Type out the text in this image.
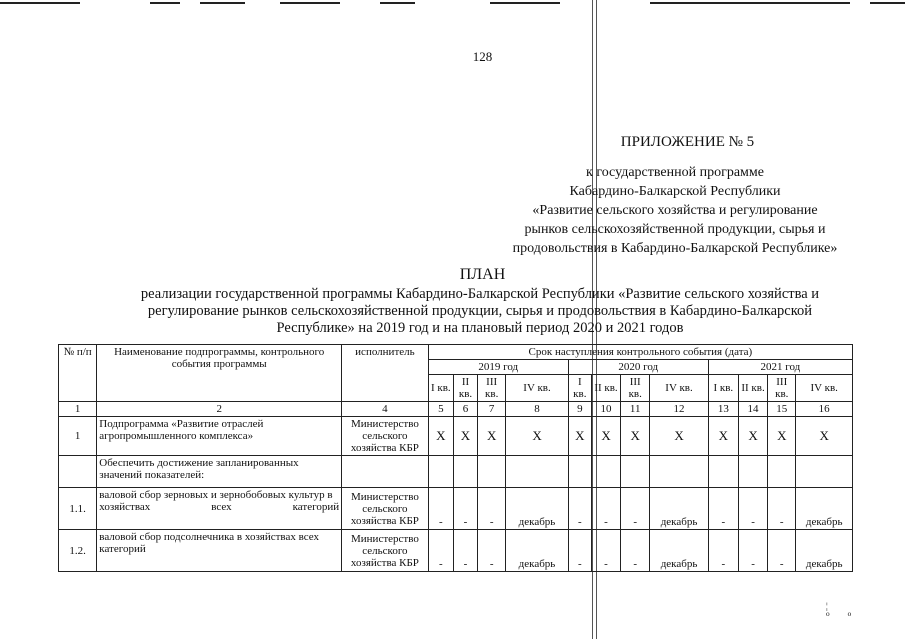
128
ПРИЛОЖЕНИЕ № 5
к государственной программе
Кабардино-Балкарской Республики
«Развитие сельского хозяйства и регулирование
рынков сельскохозяйственной продукции, сырья и
продовольствия в Кабардино-Балкарской Республике»
ПЛАН
реализации государственной программы Кабардино-Балкарской Республики «Развитие сельского хозяйства и
регулирование рынков сельскохозяйственной продукции, сырья и продовольствия в Кабардино-Балкарской
Республике» на 2019 год и на плановый период 2020 и 2021 годов
№ п/п	Наименование подпрограммы, контрольного события программы	исполнитель	Срок наступления контрольного события (дата)											
			2019 год				2020 год				2021 год			
			I кв.	II кв.	III кв.	IV кв.	I кв.	II кв.	III кв.	IV кв.	I кв.	II кв.	III кв.	IV кв.
1	2	4	5	6	7	8	9	10	11	12	13	14	15	16
1	Подпрограмма «Развитие отраслей агропромышленного комплекса»	Министерство сельского хозяйства КБР	X	X	X	X	X	X	X	X	X	X	X	X
	Обеспечить достижение запланированных значений показателей:													
1.1.	валовой сбор зерновых и зернобобовых культур в хозяйствах всех категорий	Министерство сельского хозяйства КБР	-	-	-	декабрь	-	-	-	декабрь	-	-	-	декабрь
1.2.	валовой сбор подсолнечника в хозяйствах всех категорий	Министерство сельского хозяйства КБР	-	-	-	декабрь	-	-	-	декабрь	-	-	-	декабрь
¦ ⁰⁰
